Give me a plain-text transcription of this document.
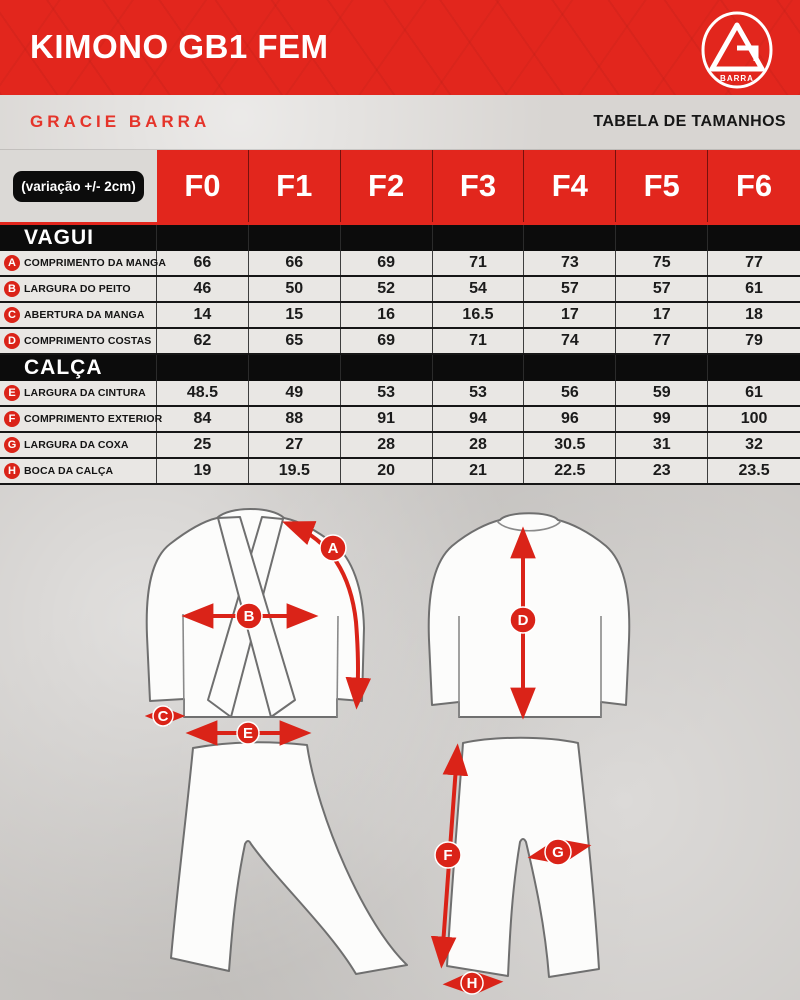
KIMONO GB1 FEM
BARRA
GRACIE BARRA	TABELA DE TAMANHOS
(variação +/- 2cm)	F0	F1	F2	F3	F4	F5	F6
VAGUI
A COMPRIMENTO DA MANGA	66	66	69	71	73	75	77
B LARGURA DO PEITO	46	50	52	54	57	57	61
C ABERTURA DA MANGA	14	15	16	16.5	17	17	18
D COMPRIMENTO COSTAS	62	65	69	71	74	77	79
CALÇA
E LARGURA DA CINTURA	48.5	49	53	53	56	59	61
F COMPRIMENTO EXTERIOR	84	88	91	94	96	99	100
G LARGURA DA COXA	25	27	28	28	30.5	31	32
H BOCA DA CALÇA	19	19.5	20	21	22.5	23	23.5
A
B
C
D
E
F	G
H
